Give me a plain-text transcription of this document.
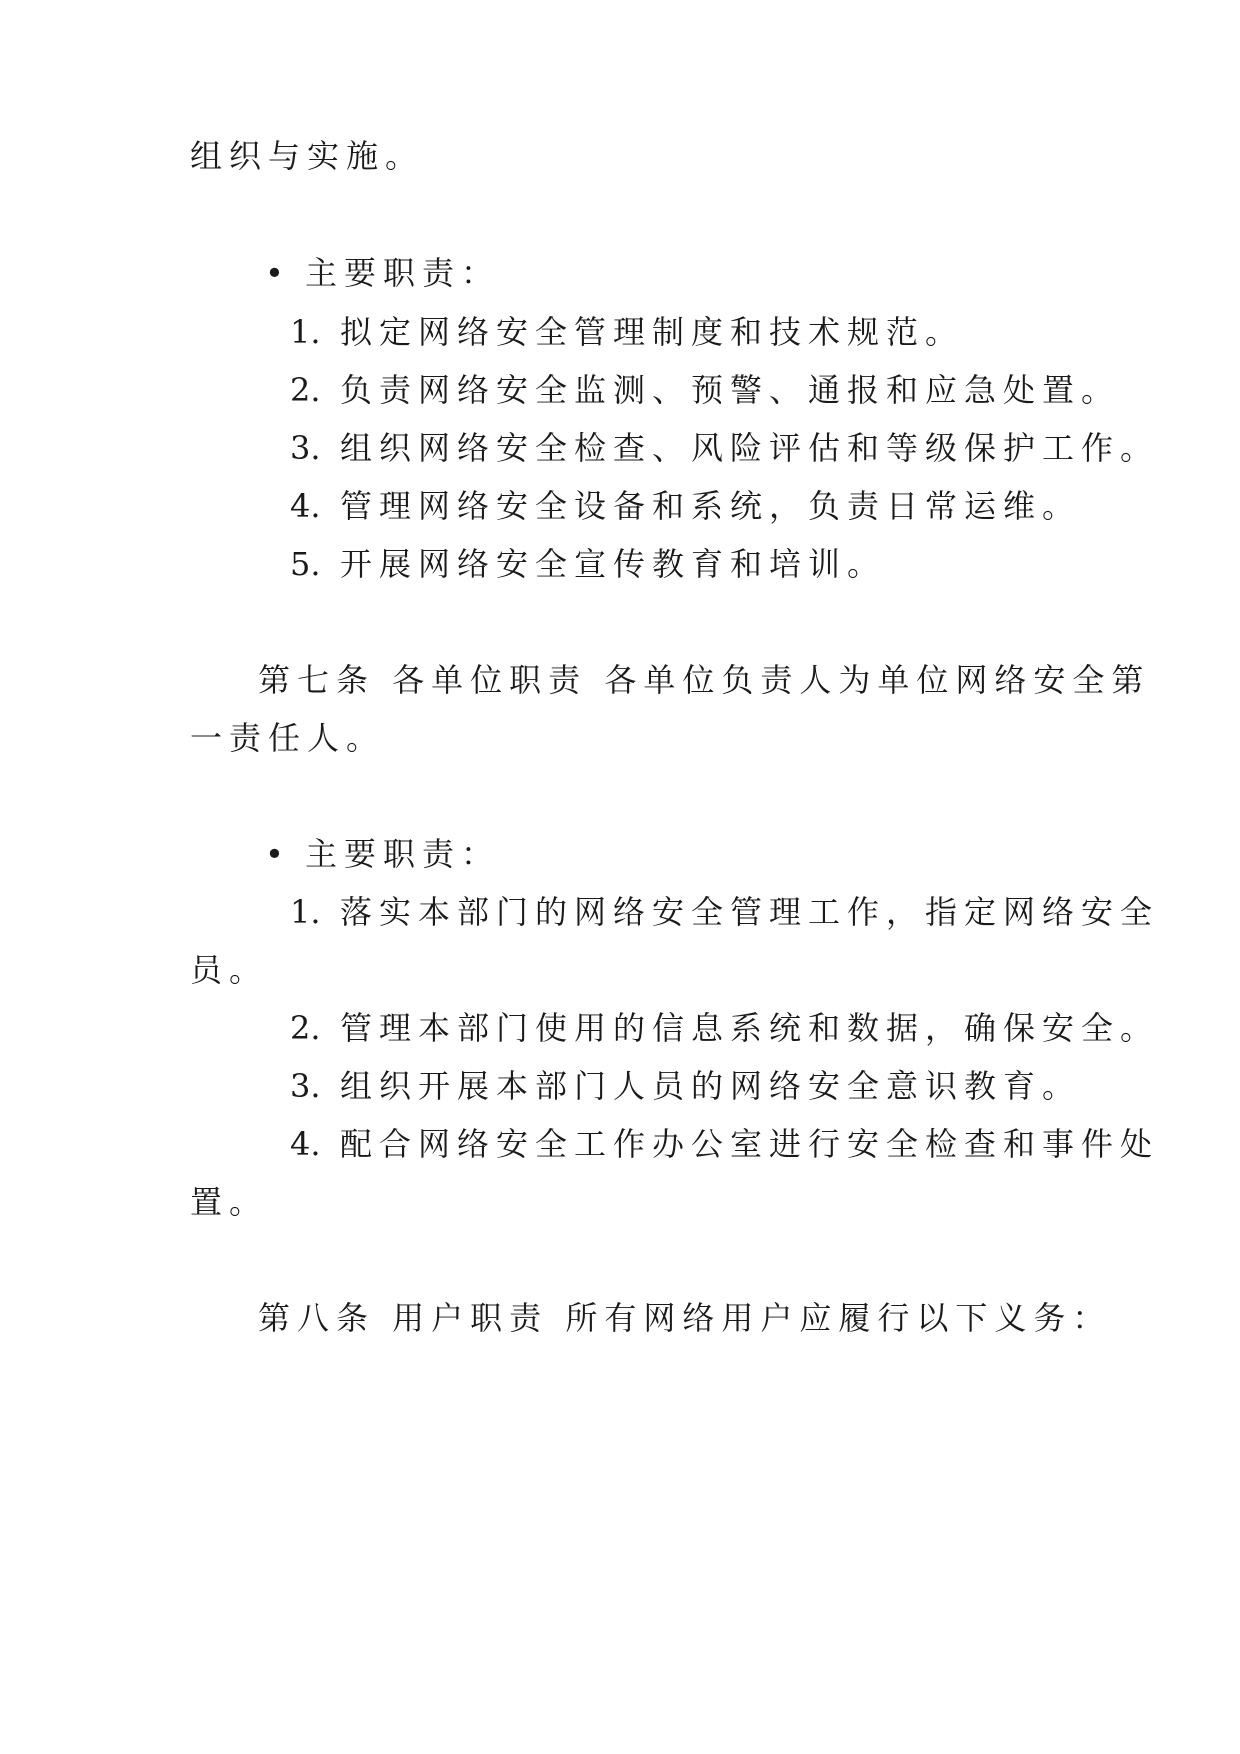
组织与实施。
• 主要职责：
1. 拟定网络安全管理制度和技术规范。
2. 负责网络安全监测、预警、通报和应急处置。
3. 组织网络安全检查、风险评估和等级保护工作。
4. 管理网络安全设备和系统，负责日常运维。
5. 开展网络安全宣传教育和培训。
第七条 各单位职责 各单位负责人为单位网络安全第
一责任人。
• 主要职责：
1. 落实本部门的网络安全管理工作，指定网络安全
员。
2. 管理本部门使用的信息系统和数据，确保安全。
3. 组织开展本部门人员的网络安全意识教育。
4. 配合网络安全工作办公室进行安全检查和事件处
置。
第八条 用户职责 所有网络用户应履行以下义务：
